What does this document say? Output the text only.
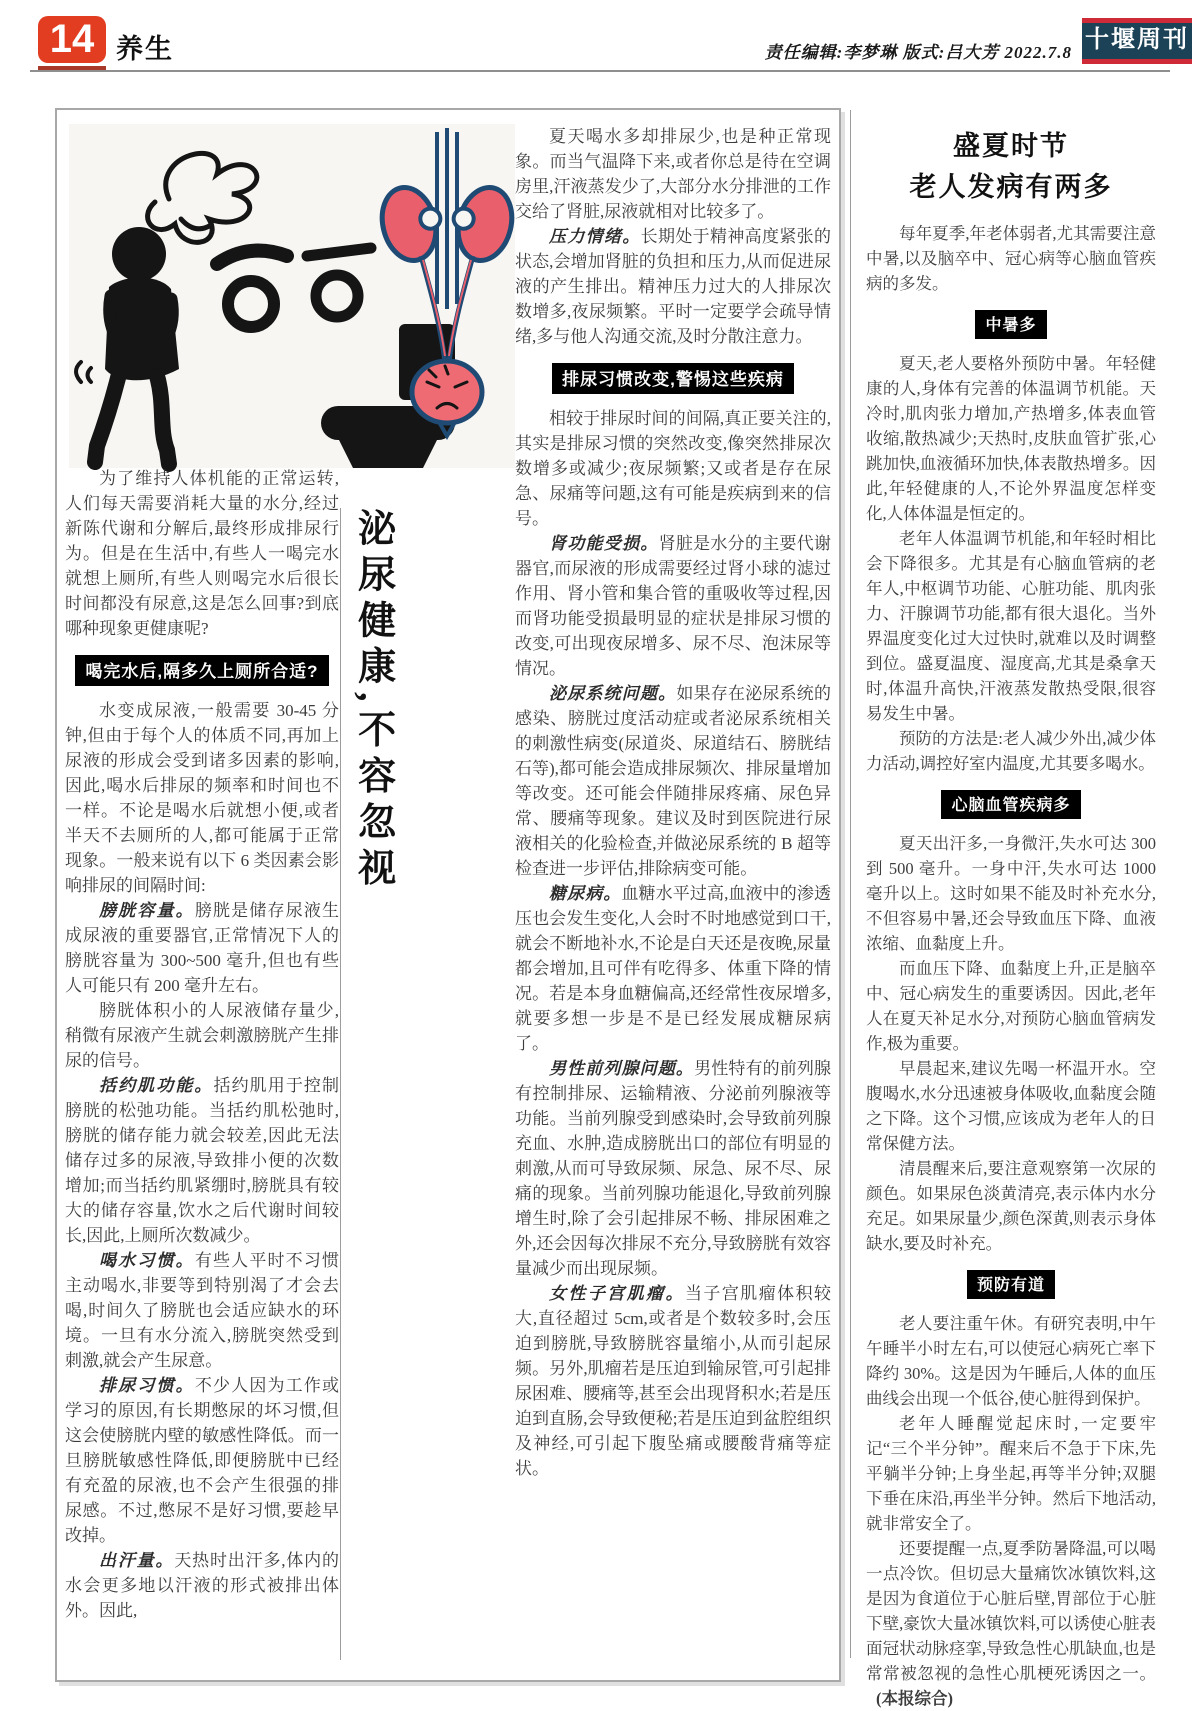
14 养生	责任编辑:李梦琳 版式:吕大芳 2022.7.8 十堰周刊

夏天喝水多却排尿少,也是种正常现象。而当气温降下来,或者你总是待在空调房里,汗液蒸发少了,大部分水分排泄的工作交给了肾脏,尿液就相对比较多了。

压力情绪。长期处于精神高度紧张的状态,会增加肾脏的负担和压力,从而促进尿液的产生排出。精神压力过大的人排尿次数增多,夜尿频繁。平时一定要学会疏导情绪,多与他人沟通交流,及时分散注意力。

排尿习惯改变,警惕这些疾病

相较于排尿时间的间隔,真正要关注的,其实是排尿习惯的突然改变,像突然排尿次数增多或减少;夜尿频繁;又或者是存在尿急、尿痛等问题,这有可能是疾病到来的信号。

肾功能受损。肾脏是水分的主要代谢器官,而尿液的形成需要经过肾小球的滤过作用、肾小管和集合管的重吸收等过程,因而肾功能受损最明显的症状是排尿习惯的改变,可出现夜尿增多、尿不尽、泡沫尿等情况。

泌尿系统问题。如果存在泌尿系统的感染、膀胱过度活动症或者泌尿系统相关的刺激性病变(尿道炎、尿道结石、膀胱结石等),都可能会造成排尿频次、排尿量增加等改变。还可能会伴随排尿疼痛、尿色异常、腰痛等现象。建议及时到医院进行尿液相关的化验检查,并做泌尿系统的 B 超等检查进一步评估,排除病变可能。

糖尿病。血糖水平过高,血液中的渗透压也会发生变化,人会时不时地感觉到口干,就会不断地补水,不论是白天还是夜晚,尿量都会增加,且可伴有吃得多、体重下降的情况。若是本身血糖偏高,还经常性夜尿增多,就要多想一步是不是已经发展成糖尿病了。

男性前列腺问题。男性特有的前列腺有控制排尿、运输精液、分泌前列腺液等功能。当前列腺受到感染时,会导致前列腺充血、水肿,造成膀胱出口的部位有明显的刺激,从而可导致尿频、尿急、尿不尽、尿痛的现象。当前列腺功能退化,导致前列腺增生时,除了会引起排尿不畅、排尿困难之外,还会因每次排尿不充分,导致膀胱有效容量减少而出现尿频。

女性子宫肌瘤。当子宫肌瘤体积较大,直径超过 5cm,或者是个数较多时,会压迫到膀胱,导致膀胱容量缩小,从而引起尿频。另外,肌瘤若是压迫到输尿管,可引起排尿困难、腰痛等,甚至会出现肾积水;若是压迫到直肠,会导致便秘;若是压迫到盆腔组织及神经,可引起下腹坠痛或腰酸背痛等症状。

为了维持人体机能的正常运转,人们每天需要消耗大量的水分,经过新陈代谢和分解后,最终形成排尿行为。但是在生活中,有些人一喝完水就想上厕所,有些人则喝完水后很长时间都没有尿意,这是怎么回事?到底哪种现象更健康呢?

喝完水后,隔多久上厕所合适?

水变成尿液,一般需要 30-45 分钟,但由于每个人的体质不同,再加上尿液的形成会受到诸多因素的影响,因此,喝水后排尿的频率和时间也不一样。不论是喝水后就想小便,或者半天不去厕所的人,都可能属于正常现象。一般来说有以下 6 类因素会影响排尿的间隔时间:

膀胱容量。膀胱是储存尿液生成尿液的重要器官,正常情况下人的膀胱容量为 300~500 毫升,但也有些人可能只有 200 毫升左右。

膀胱体积小的人尿液储存量少,稍微有尿液产生就会刺激膀胱产生排尿的信号。

括约肌功能。括约肌用于控制膀胱的松弛功能。当括约肌松弛时,膀胱的储存能力就会较差,因此无法储存过多的尿液,导致排小便的次数增加;而当括约肌紧绷时,膀胱具有较大的储存容量,饮水之后代谢时间较长,因此,上厕所次数减少。

喝水习惯。有些人平时不习惯主动喝水,非要等到特别渴了才会去喝,时间久了膀胱也会适应缺水的环境。一旦有水分流入,膀胱突然受到刺激,就会产生尿意。

排尿习惯。不少人因为工作或学习的原因,有长期憋尿的坏习惯,但这会使膀胱内壁的敏感性降低。而一旦膀胱敏感性降低,即便膀胱中已经有充盈的尿液,也不会产生很强的排尿感。不过,憋尿不是好习惯,要趁早改掉。

出汗量。天热时出汗多,体内的水会更多地以汗液的形式被排出体外。因此,

泌尿健康,不容忽视
盛夏时节
老人发病有两多

每年夏季,年老体弱者,尤其需要注意中暑,以及脑卒中、冠心病等心脑血管疾病的多发。

中暑多

夏天,老人要格外预防中暑。年轻健康的人,身体有完善的体温调节机能。天冷时,肌肉张力增加,产热增多,体表血管收缩,散热减少;天热时,皮肤血管扩张,心跳加快,血液循环加快,体表散热增多。因此,年轻健康的人,不论外界温度怎样变化,人体体温是恒定的。

老年人体温调节机能,和年轻时相比会下降很多。尤其是有心脑血管病的老年人,中枢调节功能、心脏功能、肌肉张力、汗腺调节功能,都有很大退化。当外界温度变化过大过快时,就难以及时调整到位。盛夏温度、湿度高,尤其是桑拿天时,体温升高快,汗液蒸发散热受限,很容易发生中暑。

预防的方法是:老人减少外出,减少体力活动,调控好室内温度,尤其要多喝水。

心脑血管疾病多

夏天出汗多,一身微汗,失水可达 300 到 500 毫升。一身中汗,失水可达 1000 毫升以上。这时如果不能及时补充水分,不但容易中暑,还会导致血压下降、血液浓缩、血黏度上升。

而血压下降、血黏度上升,正是脑卒中、冠心病发生的重要诱因。因此,老年人在夏天补足水分,对预防心脑血管病发作,极为重要。

早晨起来,建议先喝一杯温开水。空腹喝水,水分迅速被身体吸收,血黏度会随之下降。这个习惯,应该成为老年人的日常保健方法。

清晨醒来后,要注意观察第一次尿的颜色。如果尿色淡黄清亮,表示体内水分充足。如果尿量少,颜色深黄,则表示身体缺水,要及时补充。

预防有道

老人要注重午休。有研究表明,中午午睡半小时左右,可以使冠心病死亡率下降约 30%。这是因为午睡后,人体的血压曲线会出现一个低谷,使心脏得到保护。

老年人睡醒觉起床时,一定要牢记“三个半分钟”。醒来后不急于下床,先平躺半分钟;上身坐起,再等半分钟;双腿下垂在床沿,再坐半分钟。然后下地活动,就非常安全了。

还要提醒一点,夏季防暑降温,可以喝一点冷饮。但切忌大量痛饮冰镇饮料,这是因为食道位于心脏后壁,胃部位于心脏下壁,豪饮大量冰镇饮料,可以诱使心脏表面冠状动脉痉挛,导致急性心肌缺血,也是常常被忽视的急性心肌梗死诱因之一。(本报综合)
